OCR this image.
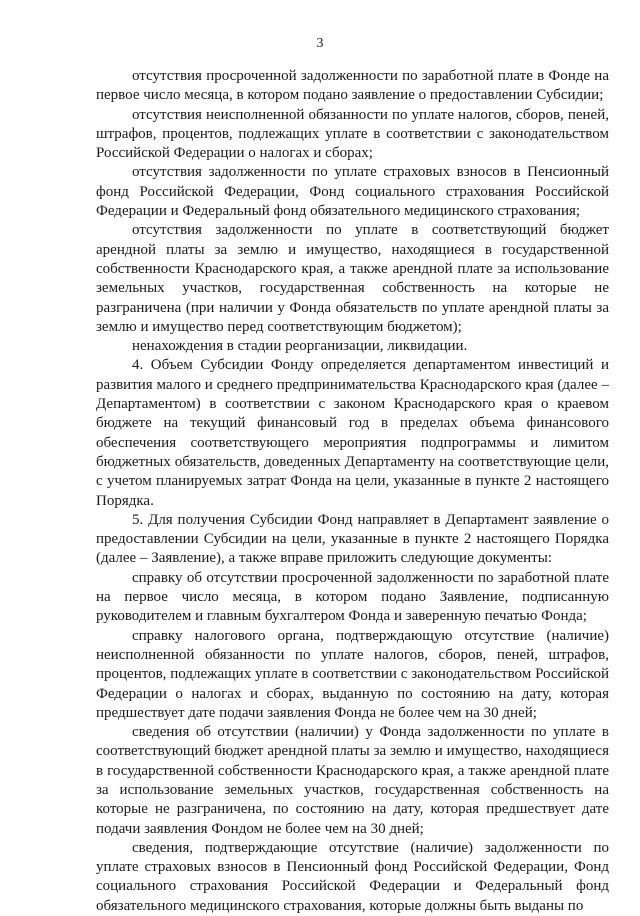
3

отсутствия просроченной задолженности по заработной плате в Фонде на первое число месяца, в котором подано заявление о предоставлении Субсидии;

отсутствия неисполненной обязанности по уплате налогов, сборов, пеней, штрафов, процентов, подлежащих уплате в соответствии с законодательством Российской Федерации о налогах и сборах;

отсутствия задолженности по уплате страховых взносов в Пенсионный фонд Российской Федерации, Фонд социального страхования Российской Федерации и Федеральный фонд обязательного медицинского страхования;

отсутствия задолженности по уплате в соответствующий бюджет арендной платы за землю и имущество, находящиеся в государственной собственности Краснодарского края, а также арендной плате за использование земельных участков, государственная собственность на которые не разграничена (при наличии у Фонда обязательств по уплате арендной платы за землю и имущество перед соответствующим бюджетом);

ненахождения в стадии реорганизации, ликвидации.

4. Объем Субсидии Фонду определяется департаментом инвестиций и развития малого и среднего предпринимательства Краснодарского края (далее – Департаментом) в соответствии с законом Краснодарского края о краевом бюджете на текущий финансовый год в пределах объема финансового обеспечения соответствующего мероприятия подпрограммы и лимитом бюджетных обязательств, доведенных Департаменту на соответствующие цели, с учетом планируемых затрат Фонда на цели, указанные в пункте 2 настоящего Порядка.

5. Для получения Субсидии Фонд направляет в Департамент заявление о предоставлении Субсидии на цели, указанные в пункте 2 настоящего Порядка (далее – Заявление), а также вправе приложить следующие документы:

справку об отсутствии просроченной задолженности по заработной плате на первое число месяца, в котором подано Заявление, подписанную руководителем и главным бухгалтером Фонда и заверенную печатью Фонда;

справку налогового органа, подтверждающую отсутствие (наличие) неисполненной обязанности по уплате налогов, сборов, пеней, штрафов, процентов, подлежащих уплате в соответствии с законодательством Российской Федерации о налогах и сборах, выданную по состоянию на дату, которая предшествует дате подачи заявления Фонда не более чем на 30 дней;

сведения об отсутствии (наличии) у Фонда задолженности по уплате в соответствующий бюджет арендной платы за землю и имущество, находящиеся в государственной собственности Краснодарского края, а также арендной плате за использование земельных участков, государственная собственность на которые не разграничена, по состоянию на дату, которая предшествует дате подачи заявления Фондом не более чем на 30 дней;

сведения, подтверждающие отсутствие (наличие) задолженности по уплате страховых взносов в Пенсионный фонд Российской Федерации, Фонд социального страхования Российской Федерации и Федеральный фонд обязательного медицинского страхования, которые должны быть выданы по
